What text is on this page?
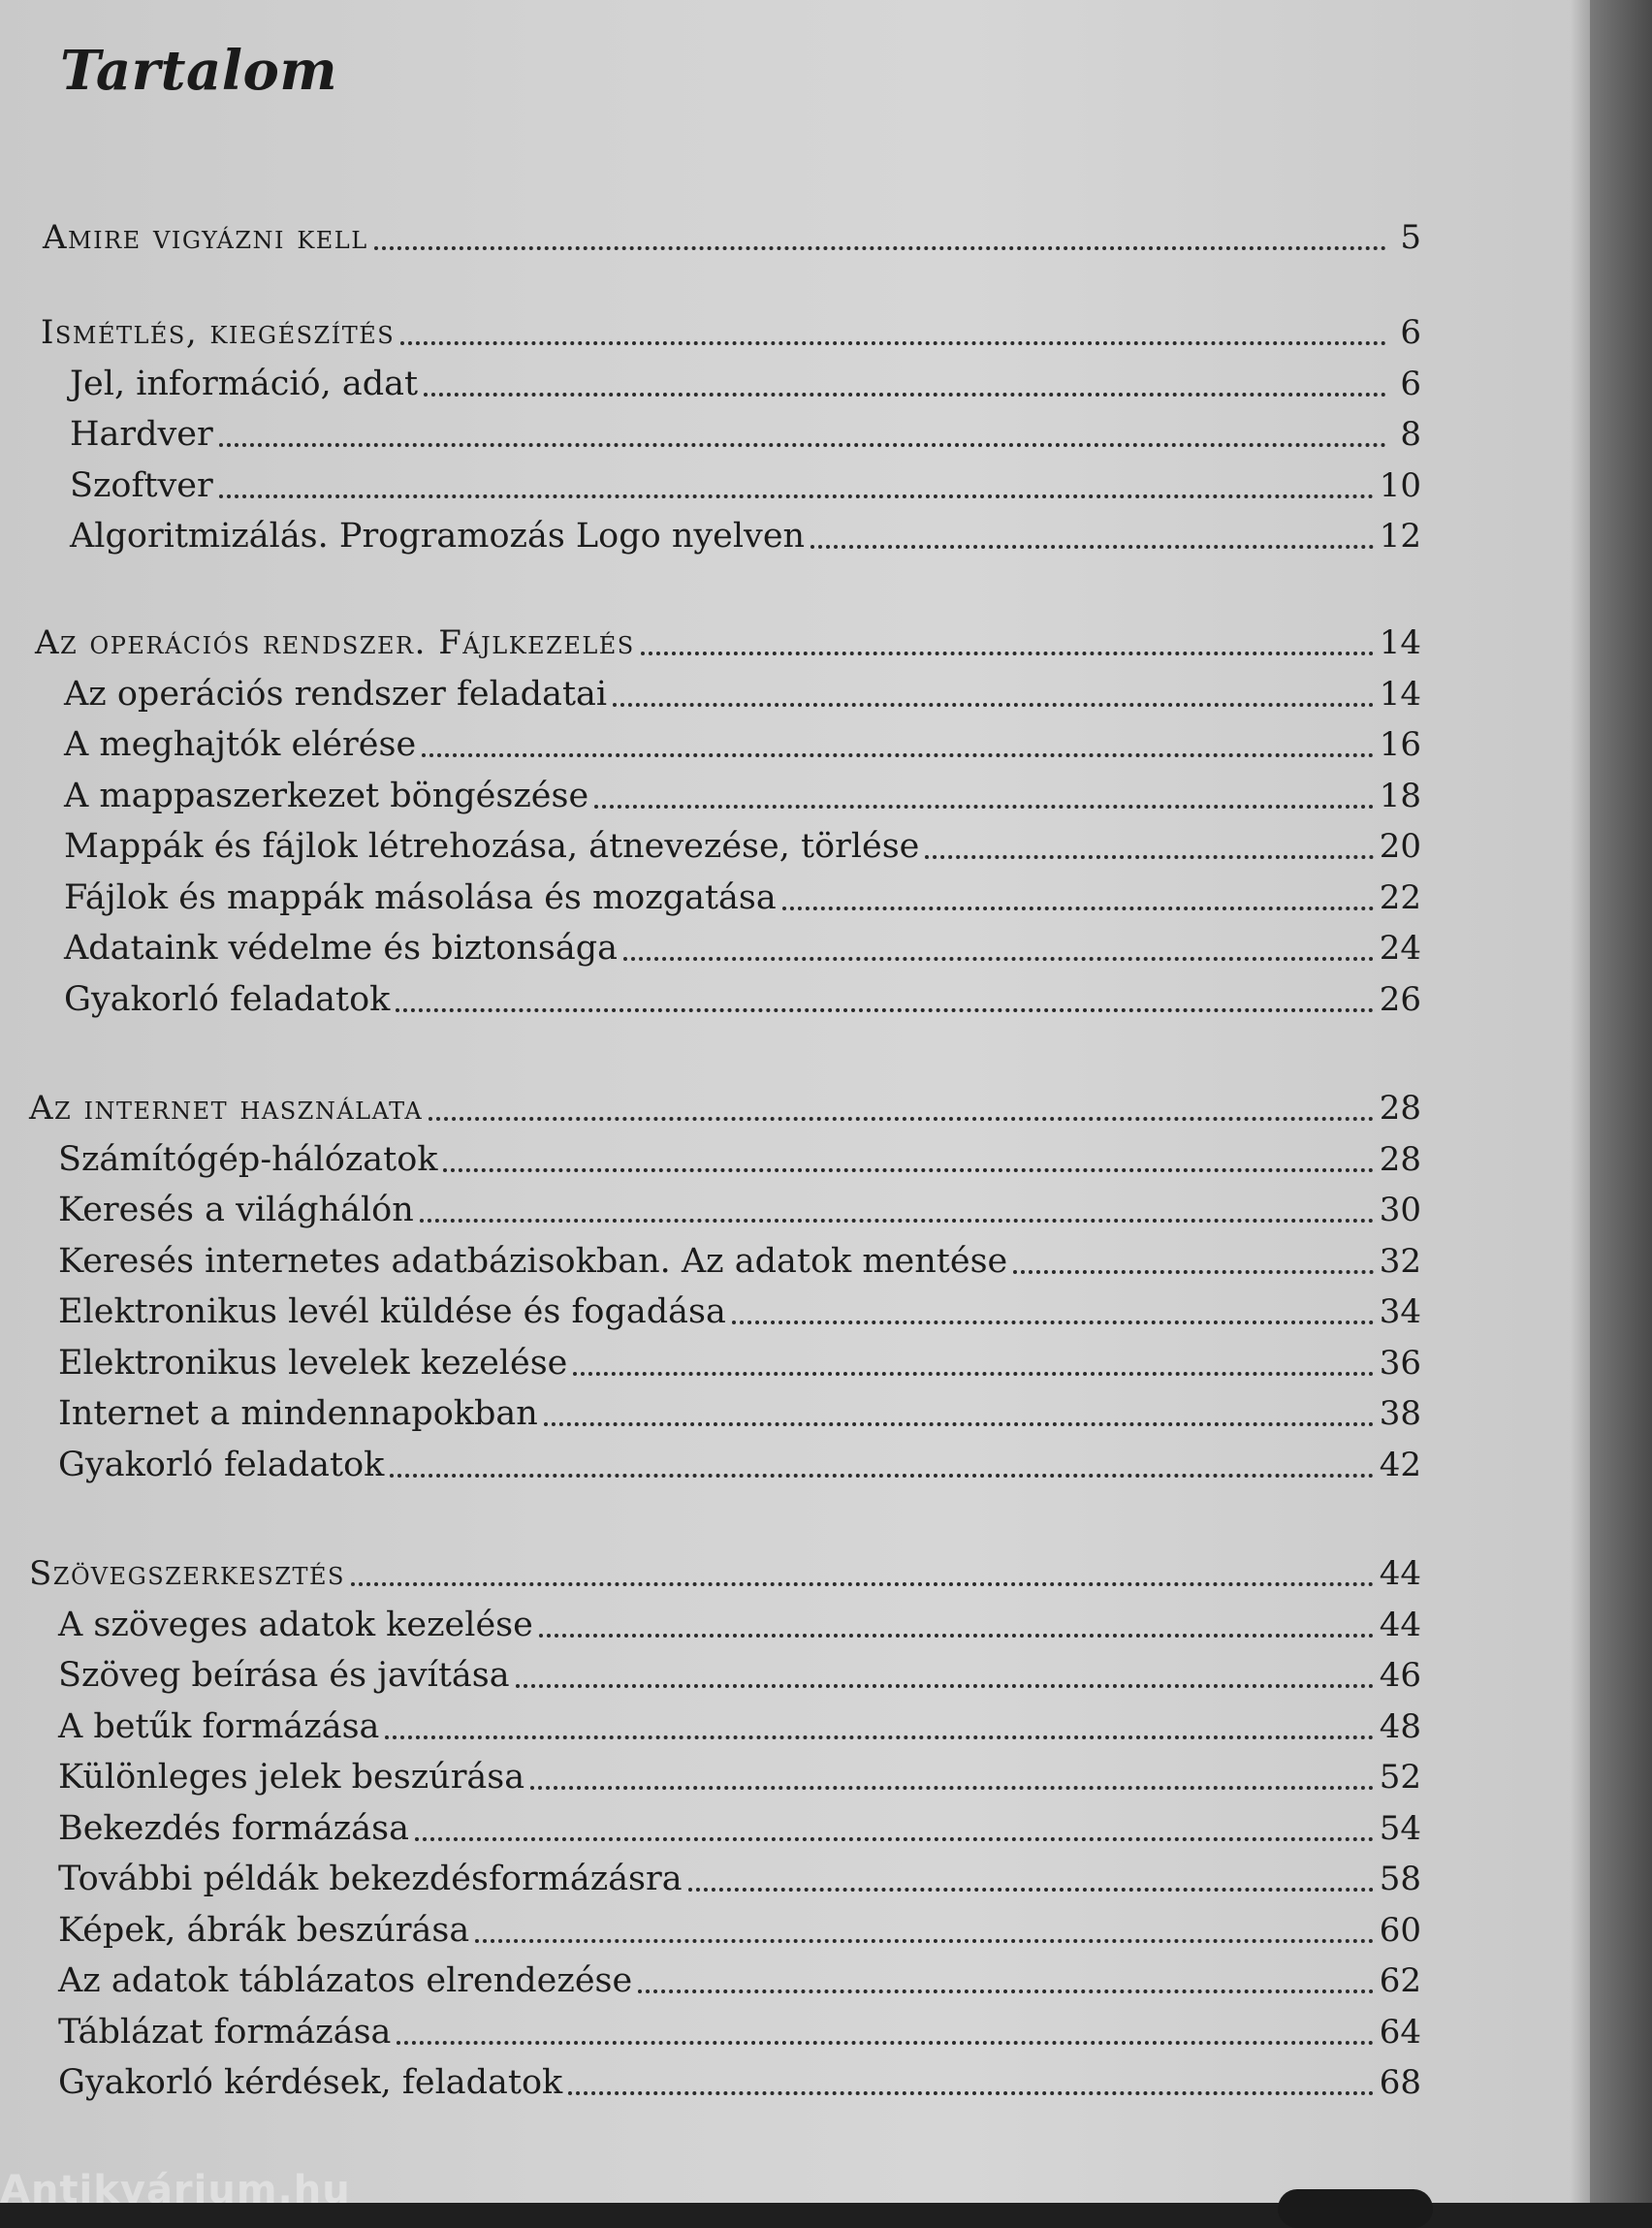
Tartalom
Amire vigyázni kell	5
Ismétlés, kiegészítés	6
Jel, információ, adat	6
Hardver	8
Szoftver	10
Algoritmizálás. Programozás Logo nyelven	12
Az operációs rendszer. Fájlkezelés	14
Az operációs rendszer feladatai	14
A meghajtók elérése	16
A mappaszerkezet böngészése	18
Mappák és fájlok létrehozása, átnevezése, törlése	20
Fájlok és mappák másolása és mozgatása	22
Adataink védelme és biztonsága	24
Gyakorló feladatok	26
Az internet használata	28
Számítógép-hálózatok	28
Keresés a világhálón	30
Keresés internetes adatbázisokban. Az adatok mentése	32
Elektronikus levél küldése és fogadása	34
Elektronikus levelek kezelése	36
Internet a mindennapokban	38
Gyakorló feladatok	42
Szövegszerkesztés	44
A szöveges adatok kezelése	44
Szöveg beírása és javítása	46
A betűk formázása	48
Különleges jelek beszúrása	52
Bekezdés formázása	54
További példák bekezdésformázásra	58
Képek, ábrák beszúrása	60
Az adatok táblázatos elrendezése	62
Táblázat formázása	64
Gyakorló kérdések, feladatok	68
Antikvárium.hu
